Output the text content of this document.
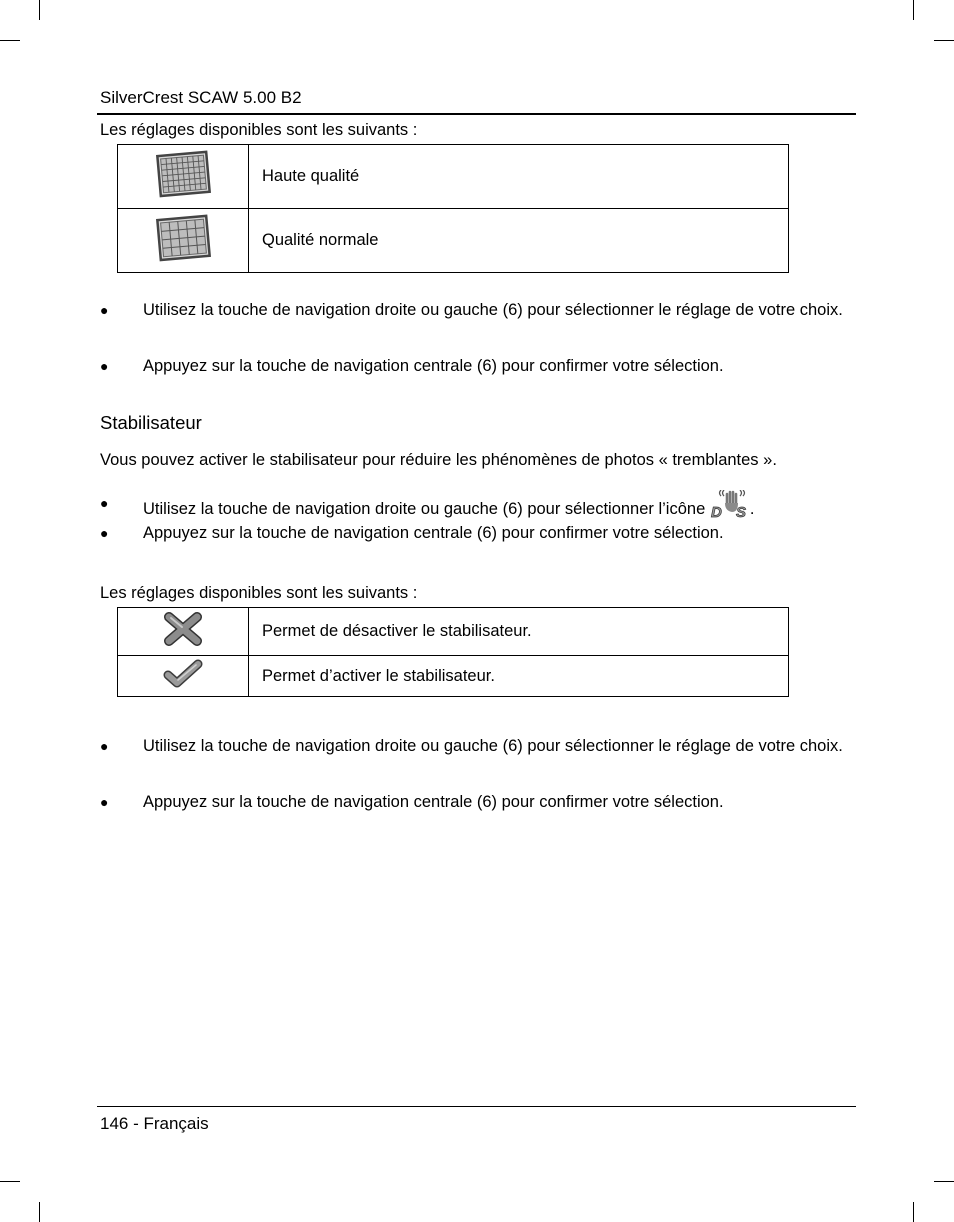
SilverCrest SCAW 5.00 B2
Les réglages disponibles sont les suivants :
	Haute qualité
	Qualité normale
●	Utilisez la touche de navigation droite ou gauche (6) pour sélectionner le réglage de votre choix.
●	Appuyez sur la touche de navigation centrale (6) pour confirmer votre sélection.
Stabilisateur
Vous pouvez activer le stabilisateur pour réduire les phénomènes de photos « tremblantes ».
●	Utilisez la touche de navigation droite ou gauche (6) pour sélectionner l’icône D S .
●	Appuyez sur la touche de navigation centrale (6) pour confirmer votre sélection.
Les réglages disponibles sont les suivants :
	Permet de désactiver le stabilisateur.
	Permet d’activer le stabilisateur.
●	Utilisez la touche de navigation droite ou gauche (6) pour sélectionner le réglage de votre choix.
●	Appuyez sur la touche de navigation centrale (6) pour confirmer votre sélection.
146 - Français
